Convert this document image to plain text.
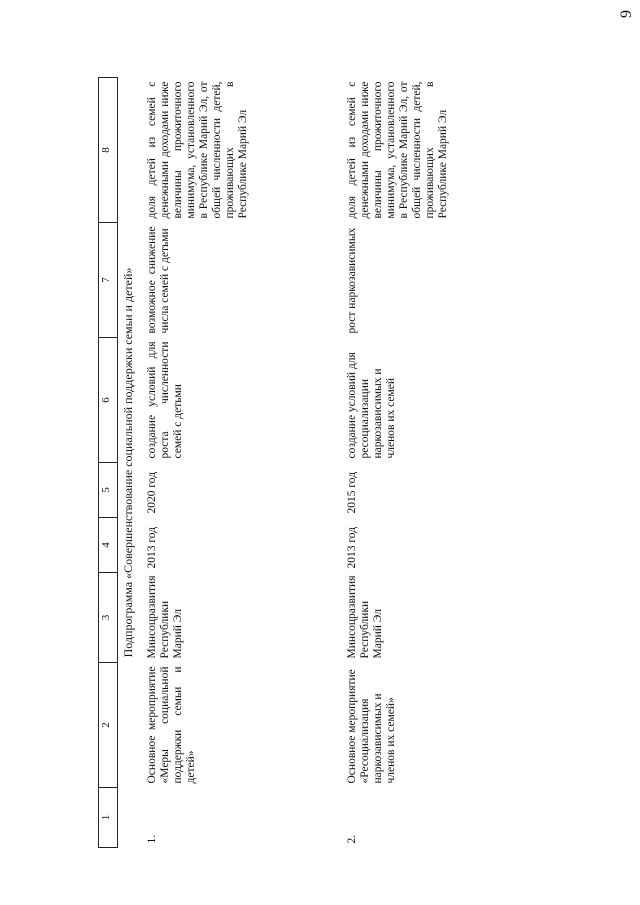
9
1	2	3	4	5	6	7	8
Подпрограмма «Совершенствование социальной поддержки семьи и детей»							
1.	Основное мероприятие «Меры социальной поддержки семьи и детей»	Минсоцразвития Республики Марий Эл	2013 год	2020 год	создание условий для роста численности семей с детьми	возможное снижение числа семей с детьми	доля детей из семей с денежными доходами ниже величины прожиточного минимума, установленного в Республике Марий Эл, от общей численности детей, проживающих в Республике Марий Эл
2.	Основное мероприятие «Ресоциализация наркозависимых и членов их семей»	Минсоцразвития Республики Марий Эл	2013 год	2015 год	создание условий для ресоциализации наркозависимых и членов их семей	рост наркозависимых	доля детей из семей с денежными доходами ниже величины прожиточного минимума, установленного в Республике Марий Эл, от общей численности детей, проживающих в Республике Марий Эл
